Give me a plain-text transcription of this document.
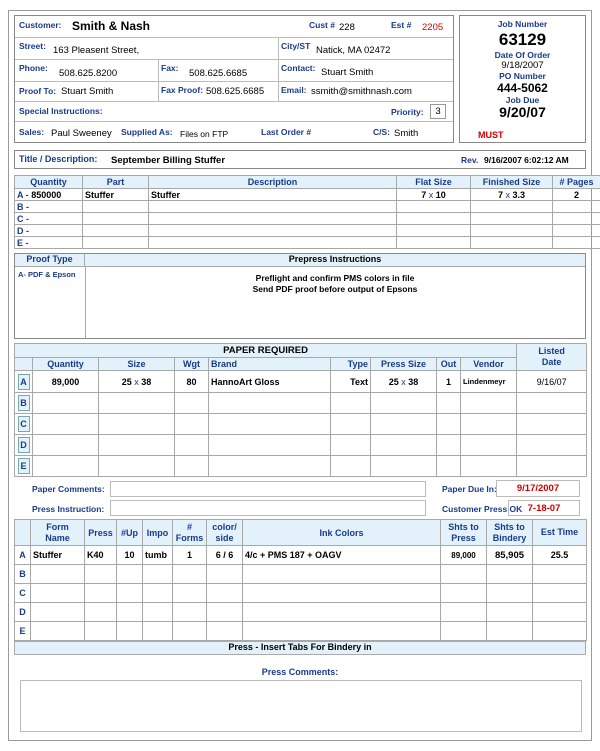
Customer: Smith & Nash	Cust # 228	Est # 2205
Street: 163 Pleasent Street,	City/ST Natick, MA 02472
Phone: 508.625.8200	Fax: 508.625.6685	Contact: Stuart Smith
Proof To: Stuart Smith	Fax Proof: 508.625.6685 Email: ssmith@smithnash.com
Special Instructions:	Priority:	3
Sales: Paul Sweeney Supplied As: Files on FTP	Last Order #	C/S: Smith
Job Number
63129
Date Of Order
9/18/2007
PO Number
444-5062
Job Due
9/20/07
MUST
Title / Description: September Billing Stuffer	Rev. 9/16/2007 6:02:12 AM
Quantity	Part	Description	Flat Size	Finished Size	# Pages
A - 850000	Stuffer	Stuffer	7 x 10	7 x 3.3	2
B -					
C -					
D -					
E -					
Proof Type	Prepress Instructions
A- PDF & Epson	Preflight and confirm PMS colors in file
Send PDF proof before output of Epsons
PAPER REQUIRED									Listed
Date

	Quantity	Size	Wgt	Brand	Type	Press Size	Out	Vendor	
A	89,000	25 x 38	80	HannoArt Gloss	Text	25 x 38	1	Lindenmeyr	9/16/07
B									
C									
D									
E									
Paper Comments:	Paper Due In:	9/17/2007
Press Instruction:	Customer Press OK 7-18-07
	Form Name	Press	#Up	Impo	# Forms	color/ side	Ink Colors	Shts to Press	Shts to Bindery	Est Time
A	Stuffer	K40	10	tumb	1	6 / 6	4/c + PMS 187 + OAGV	89,000	85,905	25.5
B										
C										
D										
E										
Press - Insert Tabs For Bindery in
Press Comments:
